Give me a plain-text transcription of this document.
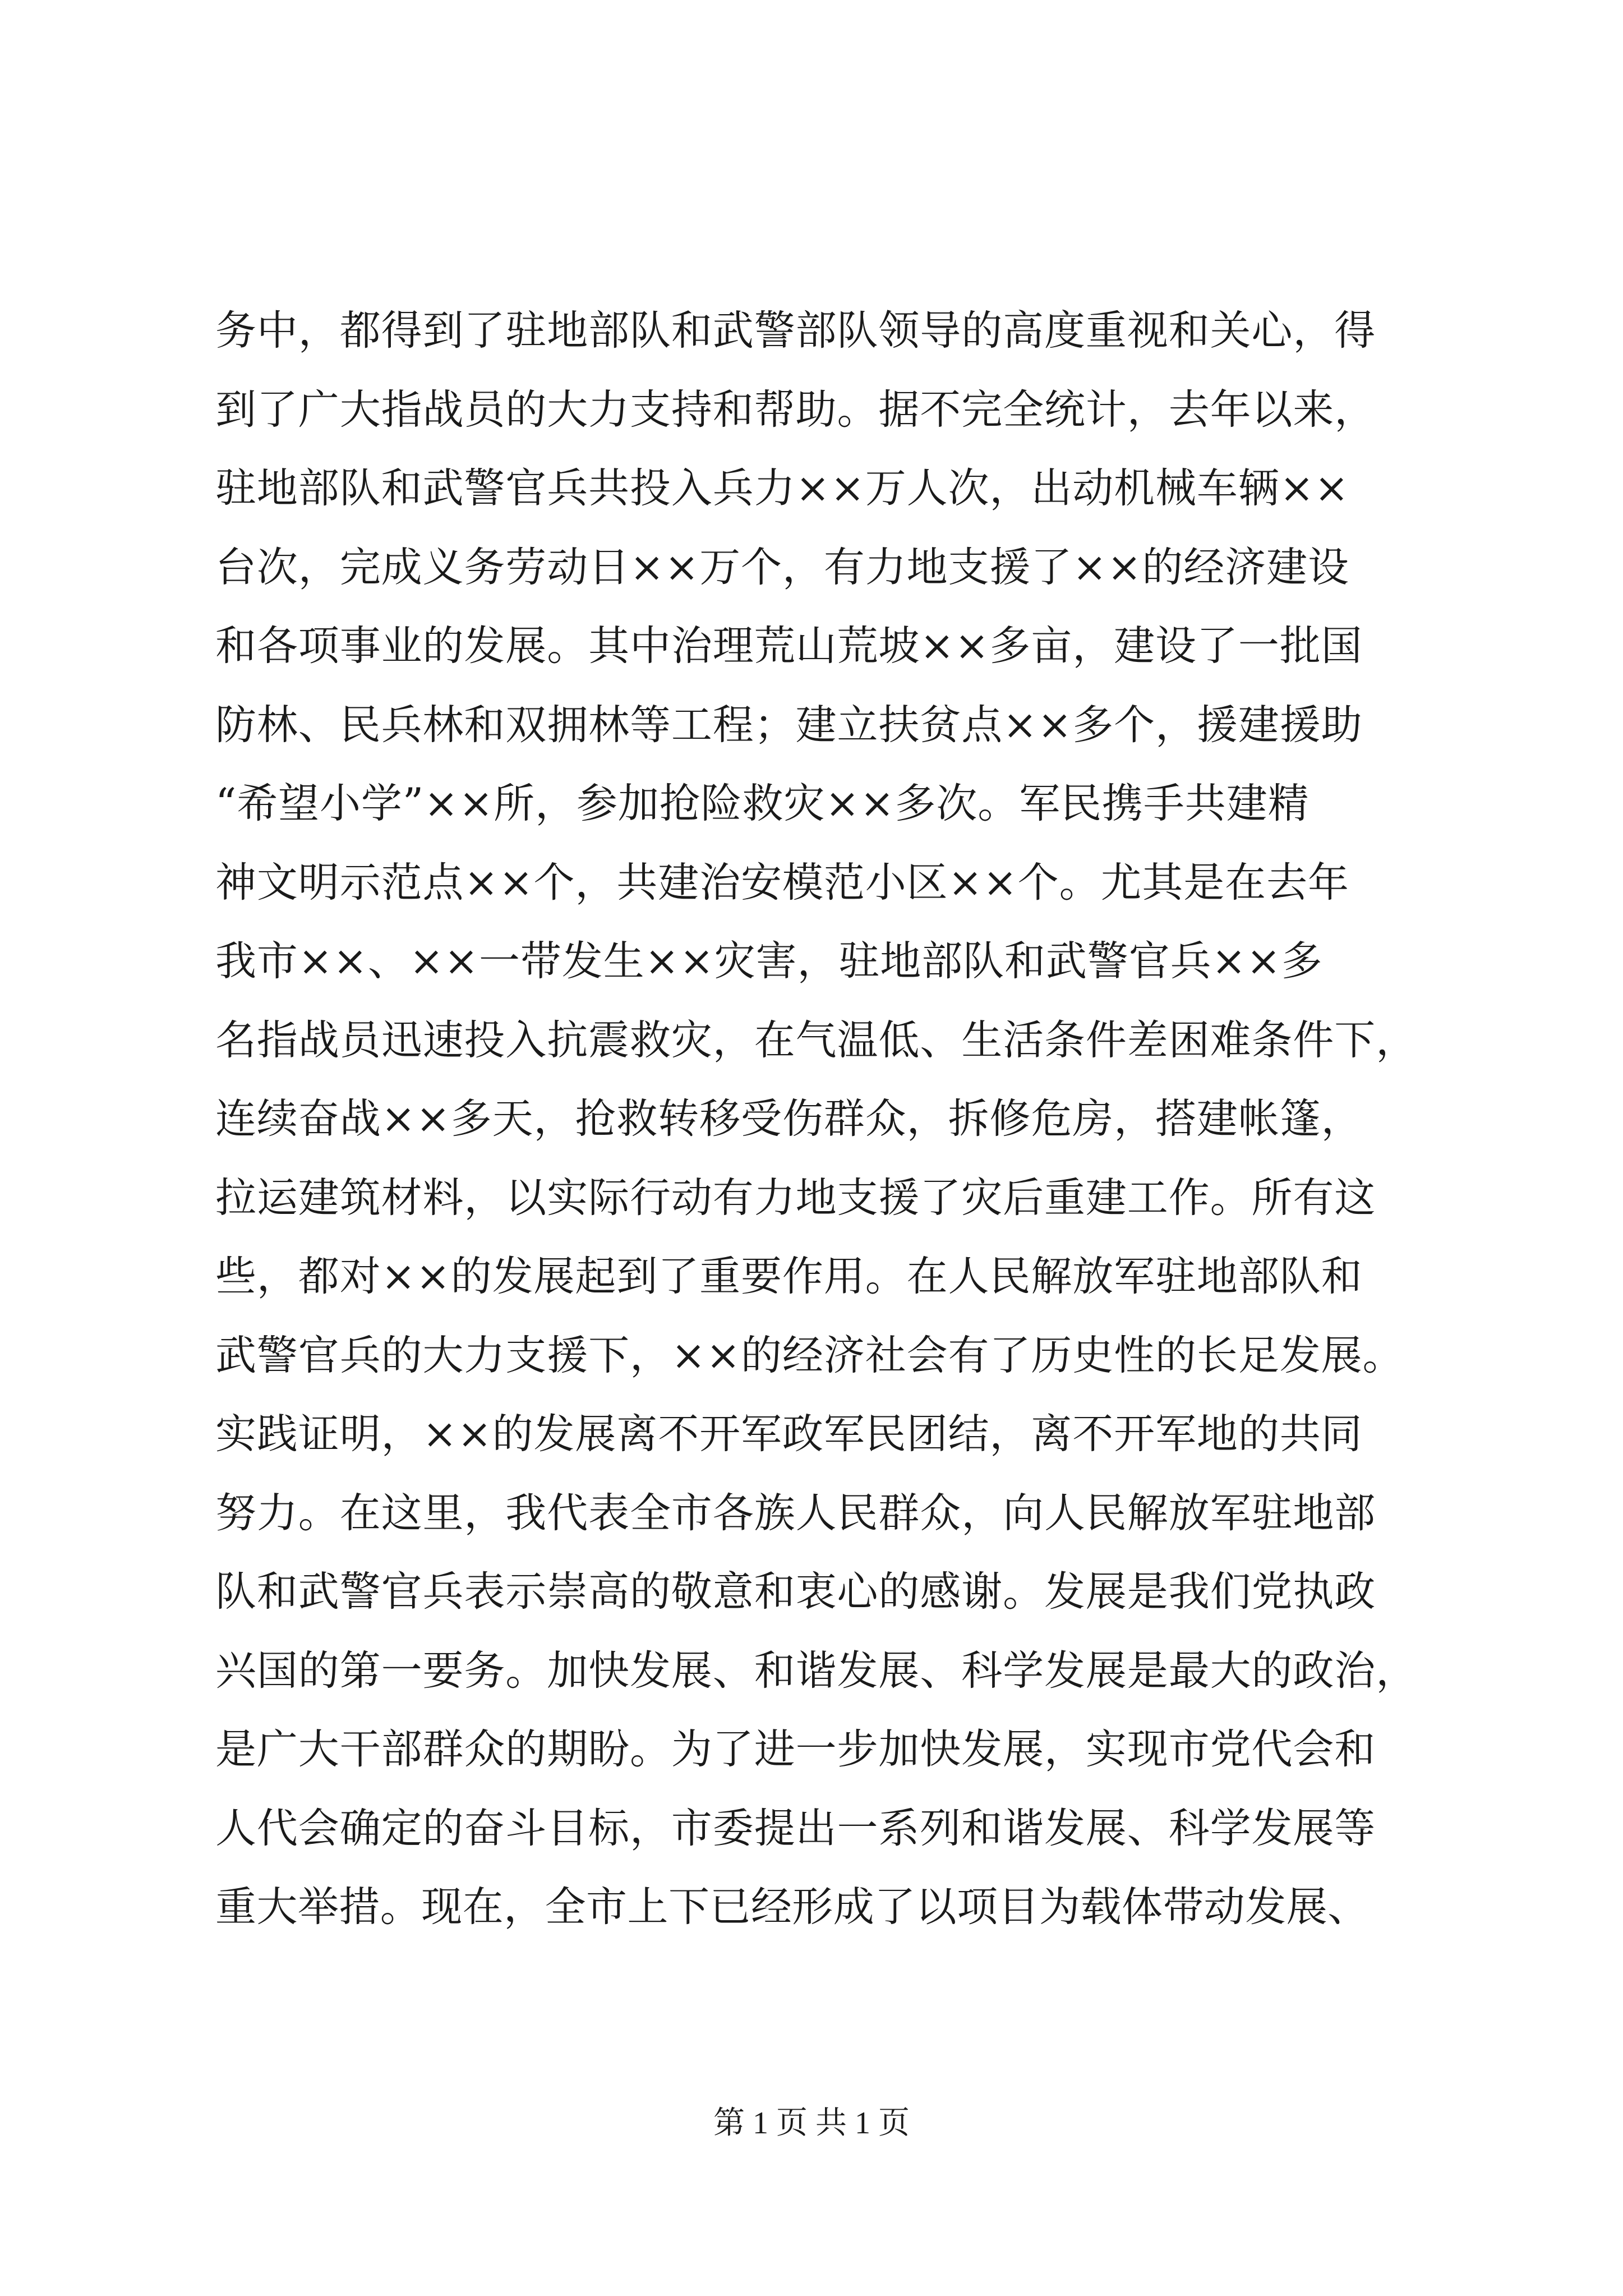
务中，都得到了驻地部队和武警部队领导的高度重视和关心，得
到了广大指战员的大力支持和帮助。据不完全统计，去年以来，
驻地部队和武警官兵共投入兵力××万人次，出动机械车辆××
台次，完成义务劳动日××万个，有力地支援了××的经济建设
和各项事业的发展。其中治理荒山荒坡××多亩，建设了一批国
防林、民兵林和双拥林等工程；建立扶贫点××多个，援建援助
“希望小学”××所，参加抢险救灾××多次。军民携手共建精
神文明示范点××个，共建治安模范小区××个。尤其是在去年
我市××、××一带发生××灾害，驻地部队和武警官兵××多
名指战员迅速投入抗震救灾，在气温低、生活条件差困难条件下，
连续奋战××多天，抢救转移受伤群众，拆修危房，搭建帐篷，
拉运建筑材料，以实际行动有力地支援了灾后重建工作。所有这
些，都对××的发展起到了重要作用。在人民解放军驻地部队和
武警官兵的大力支援下，××的经济社会有了历史性的长足发展。
实践证明，××的发展离不开军政军民团结，离不开军地的共同
努力。在这里，我代表全市各族人民群众，向人民解放军驻地部
队和武警官兵表示崇高的敬意和衷心的感谢。发展是我们党执政
兴国的第一要务。加快发展、和谐发展、科学发展是最大的政治，
是广大干部群众的期盼。为了进一步加快发展，实现市党代会和
人代会确定的奋斗目标，市委提出一系列和谐发展、科学发展等
重大举措。现在，全市上下已经形成了以项目为载体带动发展、
第 1 页 共 1 页
